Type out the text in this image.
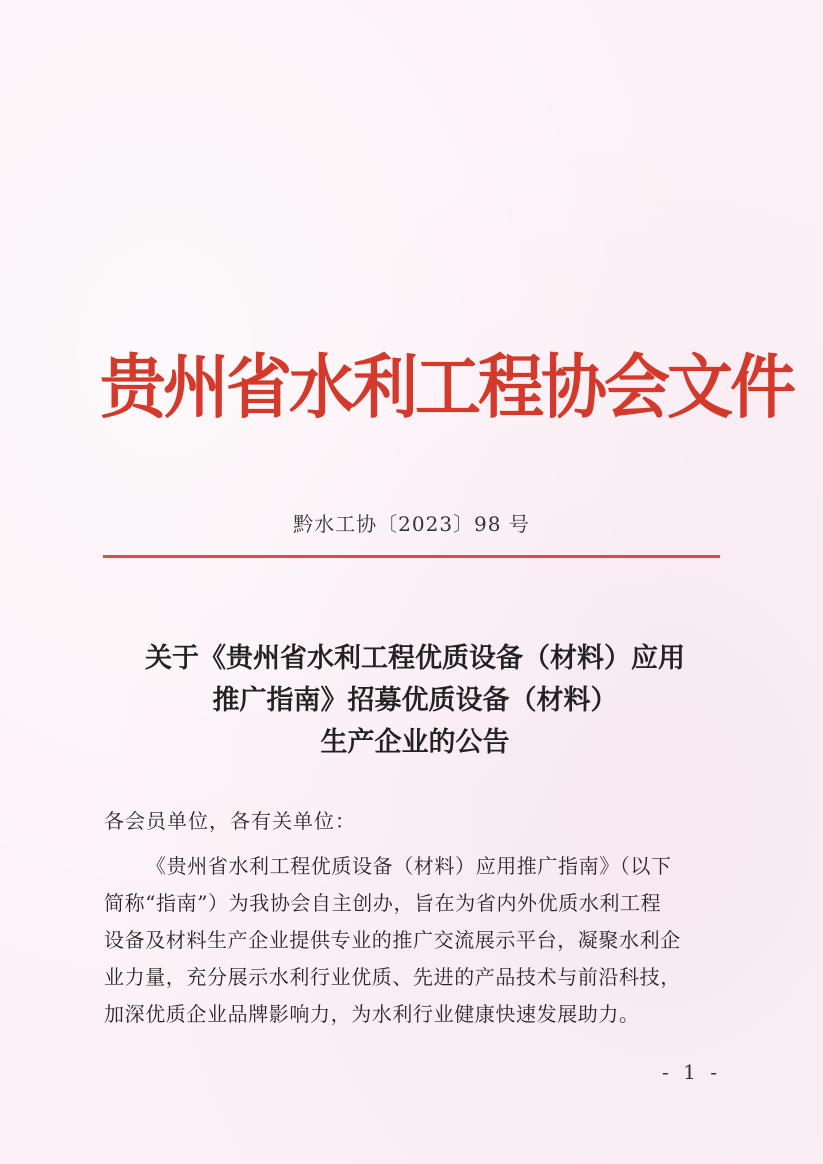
贵州省水利工程协会文件
黔水工协〔2023〕98 号
关于《贵州省水利工程优质设备（材料）应用
推广指南》招募优质设备（材料）
生产企业的公告
各会员单位，各有关单位：
《贵州省水利工程优质设备（材料）应用推广指南》（以下
简称“指南”）为我协会自主创办，旨在为省内外优质水利工程
设备及材料生产企业提供专业的推广交流展示平台，凝聚水利企
业力量，充分展示水利行业优质、先进的产品技术与前沿科技，
加深优质企业品牌影响力，为水利行业健康快速发展助力。
- 1 -
